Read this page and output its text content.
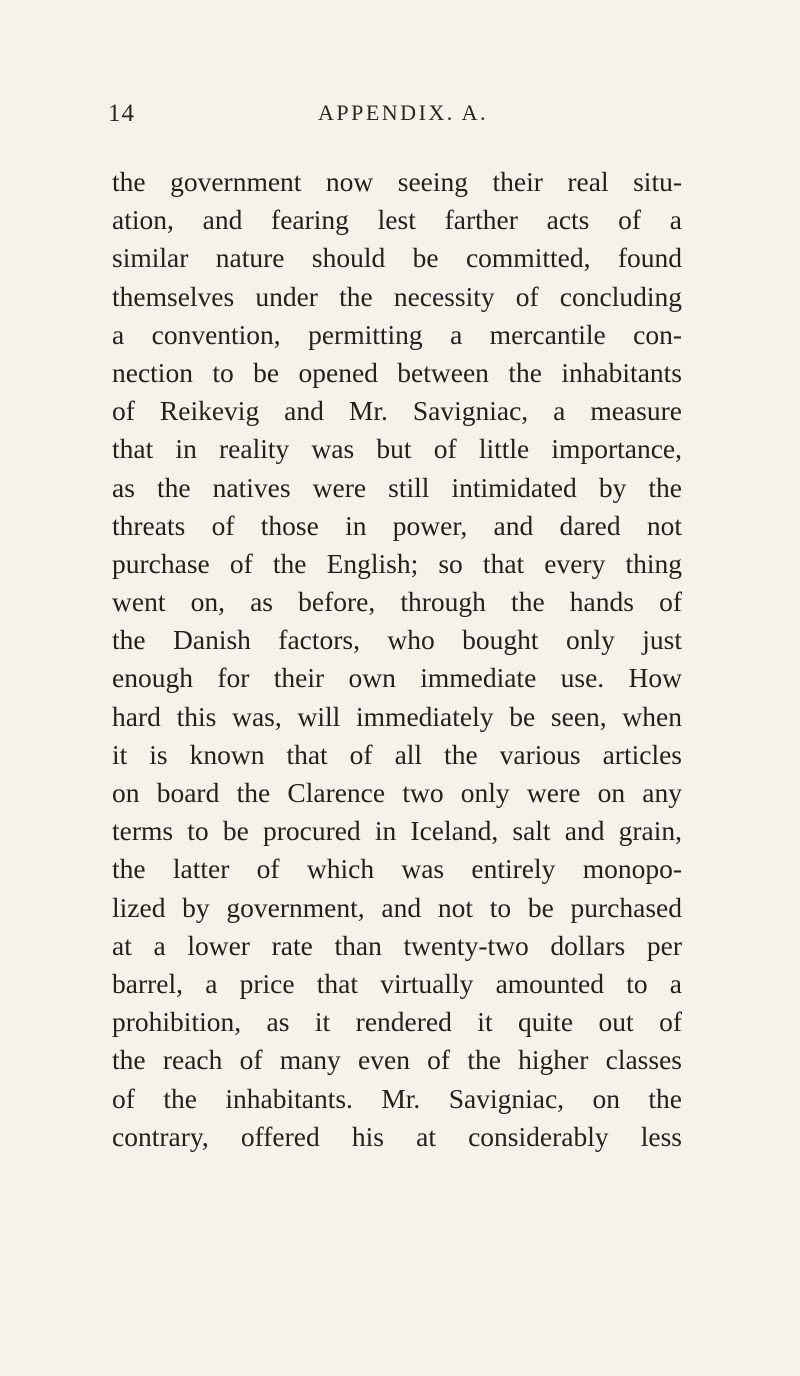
14	APPENDIX. A.
the government now seeing their real situ-
ation, and fearing lest farther acts of a
similar nature should be committed, found
themselves under the necessity of concluding
a convention, permitting a mercantile con-
nection to be opened between the inhabitants
of Reikevig and Mr. Savigniac, a measure
that in reality was but of little importance,
as the natives were still intimidated by the
threats of those in power, and dared not
purchase of the English; so that every thing
went on, as before, through the hands of
the Danish factors, who bought only just
enough for their own immediate use. How
hard this was, will immediately be seen, when
it is known that of all the various articles
on board the Clarence two only were on any
terms to be procured in Iceland, salt and grain,
the latter of which was entirely monopo-
lized by government, and not to be purchased
at a lower rate than twenty-two dollars per
barrel, a price that virtually amounted to a
prohibition, as it rendered it quite out of
the reach of many even of the higher classes
of the inhabitants. Mr. Savigniac, on the
contrary, offered his at considerably less
